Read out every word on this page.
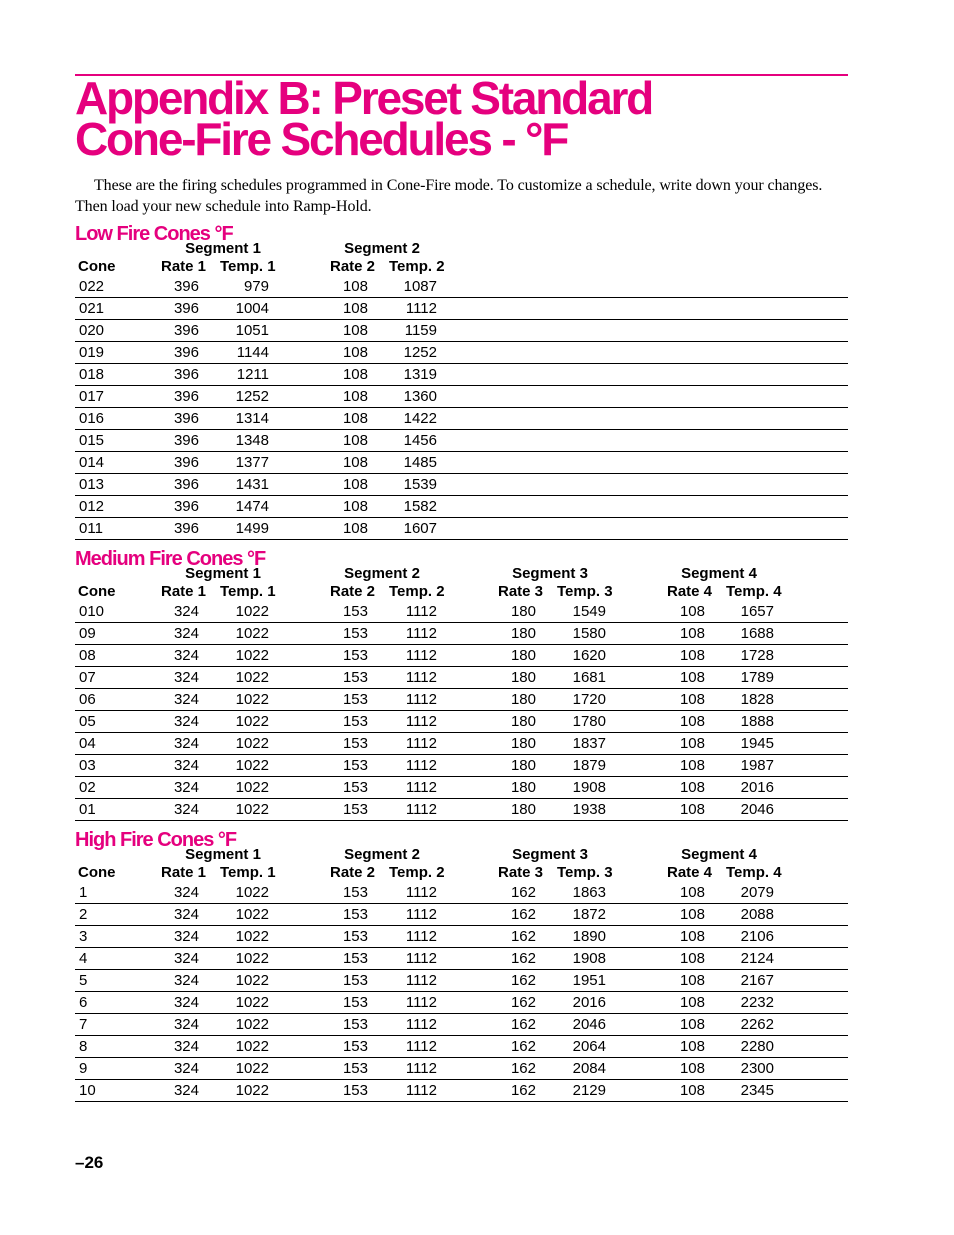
Appendix B: Preset Standard
Cone-Fire Schedules - °F

These are the firing schedules programmed in Cone-Fire mode. To customize a schedule, write down your changes. Then load your new schedule into Ramp-Hold.

Low Fire Cones °F
Segment 1	Segment 2
Cone	Rate 1 Temp. 1	Rate 2 Temp. 2
022	396	979	108	1087
021	396	1004	108	1112
020	396	1051	108	1159
019	396	1144	108	1252
018	396	1211	108	1319
017	396	1252	108	1360
016	396	1314	108	1422
015	396	1348	108	1456
014	396	1377	108	1485
013	396	1431	108	1539
012	396	1474	108	1582
011	396	1499	108	1607
Medium Fire Cones °F
Segment 1	Segment 2	Segment 3	Segment 4
Cone	Rate 1 Temp. 1	Rate 2 Temp. 2	Rate 3 Temp. 3	Rate 4 Temp. 4
010	324	1022	153	1112	180	1549	108	1657
09	324	1022	153	1112	180	1580	108	1688
08	324	1022	153	1112	180	1620	108	1728
07	324	1022	153	1112	180	1681	108	1789
06	324	1022	153	1112	180	1720	108	1828
05	324	1022	153	1112	180	1780	108	1888
04	324	1022	153	1112	180	1837	108	1945
03	324	1022	153	1112	180	1879	108	1987
02	324	1022	153	1112	180	1908	108	2016
01	324	1022	153	1112	180	1938	108	2046
High Fire Cones °F
Segment 1	Segment 2	Segment 3	Segment 4
Cone	Rate 1 Temp. 1	Rate 2 Temp. 2	Rate 3 Temp. 3	Rate 4 Temp. 4
1	324	1022	153	1112	162	1863	108	2079
2	324	1022	153	1112	162	1872	108	2088
3	324	1022	153	1112	162	1890	108	2106
4	324	1022	153	1112	162	1908	108	2124
5	324	1022	153	1112	162	1951	108	2167
6	324	1022	153	1112	162	2016	108	2232
7	324	1022	153	1112	162	2046	108	2262
8	324	1022	153	1112	162	2064	108	2280
9	324	1022	153	1112	162	2084	108	2300
10	324	1022	153	1112	162	2129	108	2345
–26
